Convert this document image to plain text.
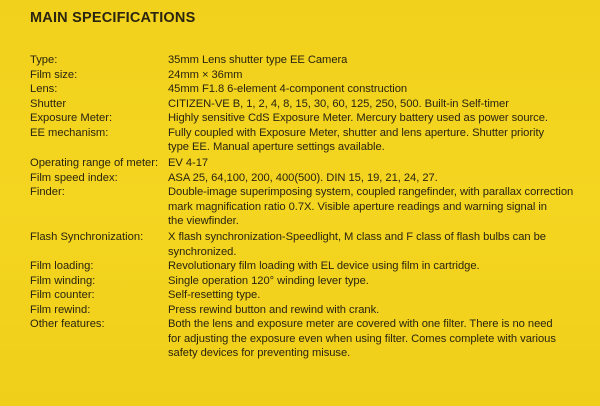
MAIN SPECIFICATIONS
Type:	35mm Lens shutter type EE Camera
Film size:	24mm × 36mm
Lens:	45mm F1.8 6-element 4-component construction
Shutter	CITIZEN-VE B, 1, 2, 4, 8, 15, 30, 60, 125, 250, 500. Built-in Self-timer
Exposure Meter:	Highly sensitive CdS Exposure Meter. Mercury battery used as power source.
EE mechanism:	Fully coupled with Exposure Meter, shutter and lens aperture. Shutter priority
type EE. Manual aperture settings available.
Operating range of meter: EV 4-17
Film speed index:	ASA 25, 64,100, 200, 400(500). DIN 15, 19, 21, 24, 27.
Finder:	Double-image superimposing system, coupled rangefinder, with parallax correction
mark magnification ratio 0.7X. Visible aperture readings and warning signal in
the viewfinder.
Flash Synchronization:	X flash synchronization-Speedlight, M class and F class of flash bulbs can be
synchronized.
Film loading:	Revolutionary film loading with EL device using film in cartridge.
Film winding:	Single operation 120° winding lever type.
Film counter:	Self-resetting type.
Film rewind:	Press rewind button and rewind with crank.
Other features:	Both the lens and exposure meter are covered with one filter. There is no need
for adjusting the exposure even when using filter. Comes complete with various
safety devices for preventing misuse.
